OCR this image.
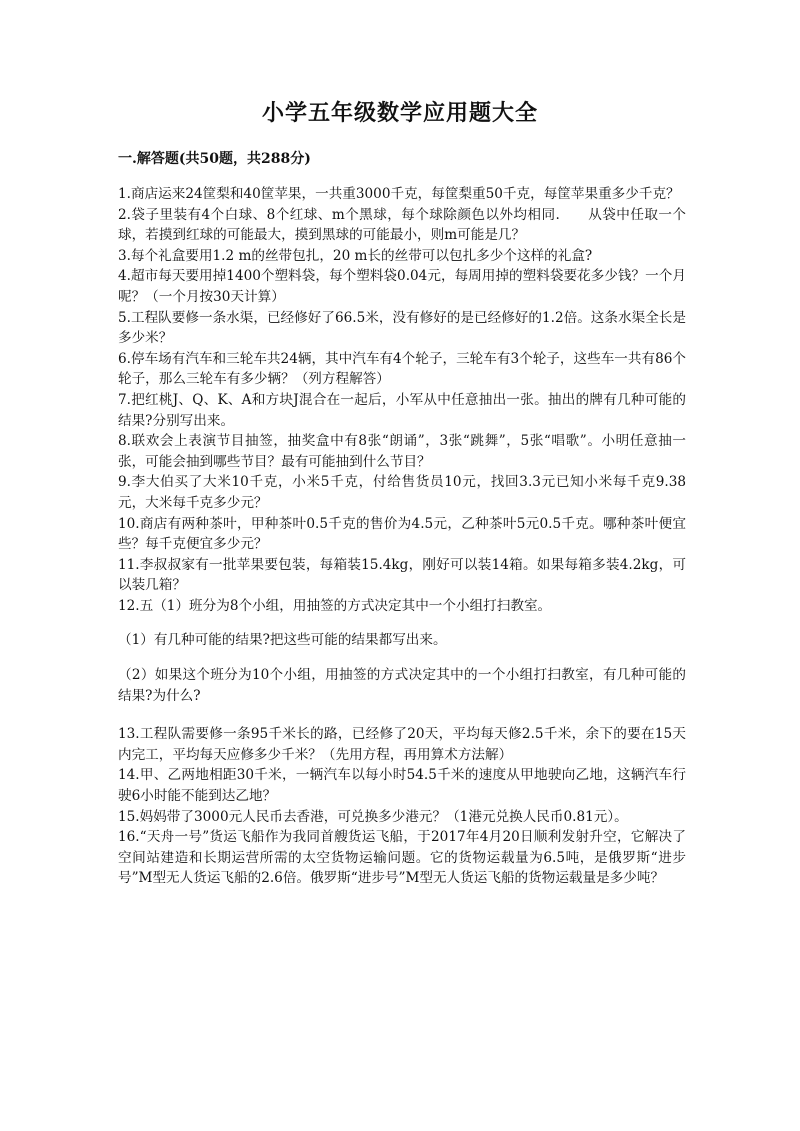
小学五年级数学应用题大全
一.解答题(共50题，共288分)

1.商店运来24筐梨和40筐苹果，一共重3000千克，每筐梨重50千克，每筐苹果重多少千克？

2.袋子里装有4个白球、8个红球、m个黑球，每个球除颜色以外均相同.　　从袋中任取一个球，若摸到红球的可能最大，摸到黑球的可能最小，则m可能是几？

3.每个礼盒要用1.2 m的丝带包扎，20 m长的丝带可以包扎多少个这样的礼盒?

4.超市每天要用掉1400个塑料袋，每个塑料袋0.04元，每周用掉的塑料袋要花多少钱？一个月呢？（一个月按30天计算）

5.工程队要修一条水渠，已经修好了66.5米，没有修好的是已经修好的1.2倍。这条水渠全长是多少米？

6.停车场有汽车和三轮车共24辆，其中汽车有4个轮子，三轮车有3个轮子，这些车一共有86个轮子，那么三轮车有多少辆？（列方程解答）

7.把红桃J、Q、K、A和方块J混合在一起后，小军从中任意抽出一张。抽出的牌有几种可能的结果?分别写出来。

8.联欢会上表演节目抽签，抽奖盒中有8张“朗诵”，3张“跳舞”，5张“唱歌”。小明任意抽一张，可能会抽到哪些节目？最有可能抽到什么节目？

9.李大伯买了大米10千克，小米5千克，付给售货员10元，找回3.3元已知小米每千克9.38元，大米每千克多少元？

10.商店有两种茶叶，甲种茶叶0.5千克的售价为4.5元，乙种茶叶5元0.5千克。哪种茶叶便宜些？每千克便宜多少元？

11.李叔叔家有一批苹果要包装，每箱装15.4kg，刚好可以装14箱。如果每箱多装4.2kg，可以装几箱？

12.五（1）班分为8个小组，用抽签的方式决定其中一个小组打扫教室。

（1）有几种可能的结果?把这些可能的结果都写出来。

（2）如果这个班分为10个小组，用抽签的方式决定其中的一个小组打扫教室，有几种可能的结果?为什么?

13.工程队需要修一条95千米长的路，已经修了20天，平均每天修2.5千米，余下的要在15天内完工，平均每天应修多少千米？（先用方程，再用算术方法解）

14.甲、乙两地相距30千米，一辆汽车以每小时54.5千米的速度从甲地驶向乙地，这辆汽车行驶6小时能不能到达乙地？

15.妈妈带了3000元人民币去香港，可兑换多少港元？（1港元兑换人民币0.81元）。

16.“天舟一号”货运飞船作为我同首艘货运飞船，于2017年4月20日顺利发射升空，它解决了空间站建造和长期运营所需的太空货物运输问题。它的货物运载量为6.5吨，是俄罗斯“进步号”M型无人货运飞船的2.6倍。俄罗斯“进步号”M型无人货运飞船的货物运载量是多少吨？
